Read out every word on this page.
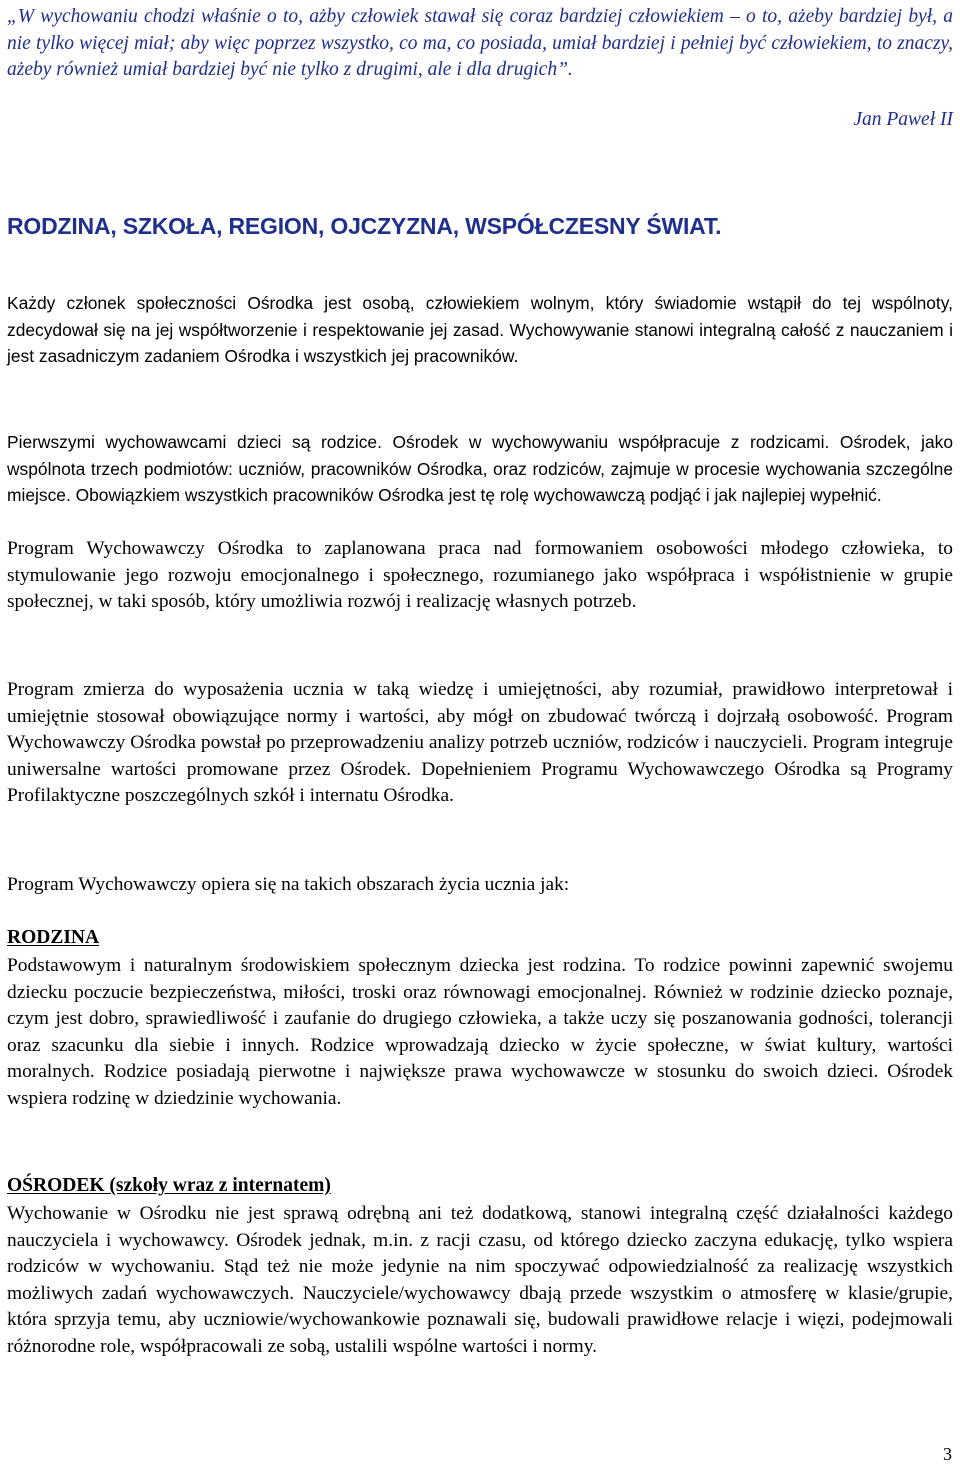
„W wychowaniu chodzi właśnie o to, ażby człowiek stawał się coraz bardziej człowiekiem – o to, ażeby bardziej był, a nie tylko więcej miał; aby więc poprzez wszystko, co ma, co posiada, umiał bardziej i pełniej być człowiekiem, to znaczy, ażeby również umiał bardziej być nie tylko z drugimi, ale i dla drugich”.
Jan Paweł II
RODZINA, SZKOŁA, REGION, OJCZYZNA, WSPÓŁCZESNY ŚWIAT.
Każdy członek społeczności Ośrodka jest osobą, człowiekiem wolnym, który świadomie wstąpił do tej wspólnoty, zdecydował się na jej współtworzenie i respektowanie jej zasad. Wychowywanie stanowi integralną całość z nauczaniem i jest zasadniczym zadaniem Ośrodka i wszystkich jej pracowników.
Pierwszymi wychowawcami dzieci są rodzice. Ośrodek w wychowywaniu współpracuje z rodzicami. Ośrodek, jako wspólnota trzech podmiotów: uczniów, pracowników Ośrodka, oraz rodziców, zajmuje w procesie wychowania szczególne miejsce. Obowiązkiem wszystkich pracowników Ośrodka jest tę rolę wychowawczą podjąć i jak najlepiej wypełnić.
Program Wychowawczy Ośrodka to zaplanowana praca nad formowaniem osobowości młodego człowieka, to stymulowanie jego rozwoju emocjonalnego i społecznego, rozumianego jako współpraca i współistnienie w grupie społecznej, w taki sposób, który umożliwia rozwój i realizację własnych potrzeb.
Program zmierza do wyposażenia ucznia w taką wiedzę i umiejętności, aby rozumiał, prawidłowo interpretował i umiejętnie stosował obowiązujące normy i wartości, aby mógł on zbudować twórczą i dojrzałą osobowość. Program Wychowawczy Ośrodka powstał po przeprowadzeniu analizy potrzeb uczniów, rodziców i nauczycieli. Program integruje uniwersalne wartości promowane przez Ośrodek. Dopełnieniem Programu Wychowawczego Ośrodka są Programy Profilaktyczne poszczególnych szkół i internatu Ośrodka.
Program Wychowawczy opiera się na takich obszarach życia ucznia jak:
RODZINA
Podstawowym i naturalnym środowiskiem społecznym dziecka jest rodzina. To rodzice powinni zapewnić swojemu dziecku poczucie bezpieczeństwa, miłości, troski oraz równowagi emocjonalnej. Również w rodzinie dziecko poznaje, czym jest dobro, sprawiedliwość i zaufanie do drugiego człowieka, a także uczy się poszanowania godności, tolerancji oraz szacunku dla siebie i innych. Rodzice wprowadzają dziecko w życie społeczne, w świat kultury, wartości moralnych. Rodzice posiadają pierwotne i największe prawa wychowawcze w stosunku do swoich dzieci. Ośrodek wspiera rodzinę w dziedzinie wychowania.
OŚRODEK (szkoły wraz z internatem)
Wychowanie w Ośrodku nie jest sprawą odrębną ani też dodatkową, stanowi integralną część działalności każdego nauczyciela i wychowawcy. Ośrodek jednak, m.in. z racji czasu, od którego dziecko zaczyna edukację, tylko wspiera rodziców w wychowaniu. Stąd też nie może jedynie na nim spoczywać odpowiedzialność za realizację wszystkich możliwych zadań wychowawczych. Nauczyciele/wychowawcy dbają przede wszystkim o atmosferę w klasie/grupie, która sprzyja temu, aby uczniowie/wychowankowie poznawali się, budowali prawidłowe relacje i więzi, podejmowali różnorodne role, współpracowali ze sobą, ustalili wspólne wartości i normy.
3
